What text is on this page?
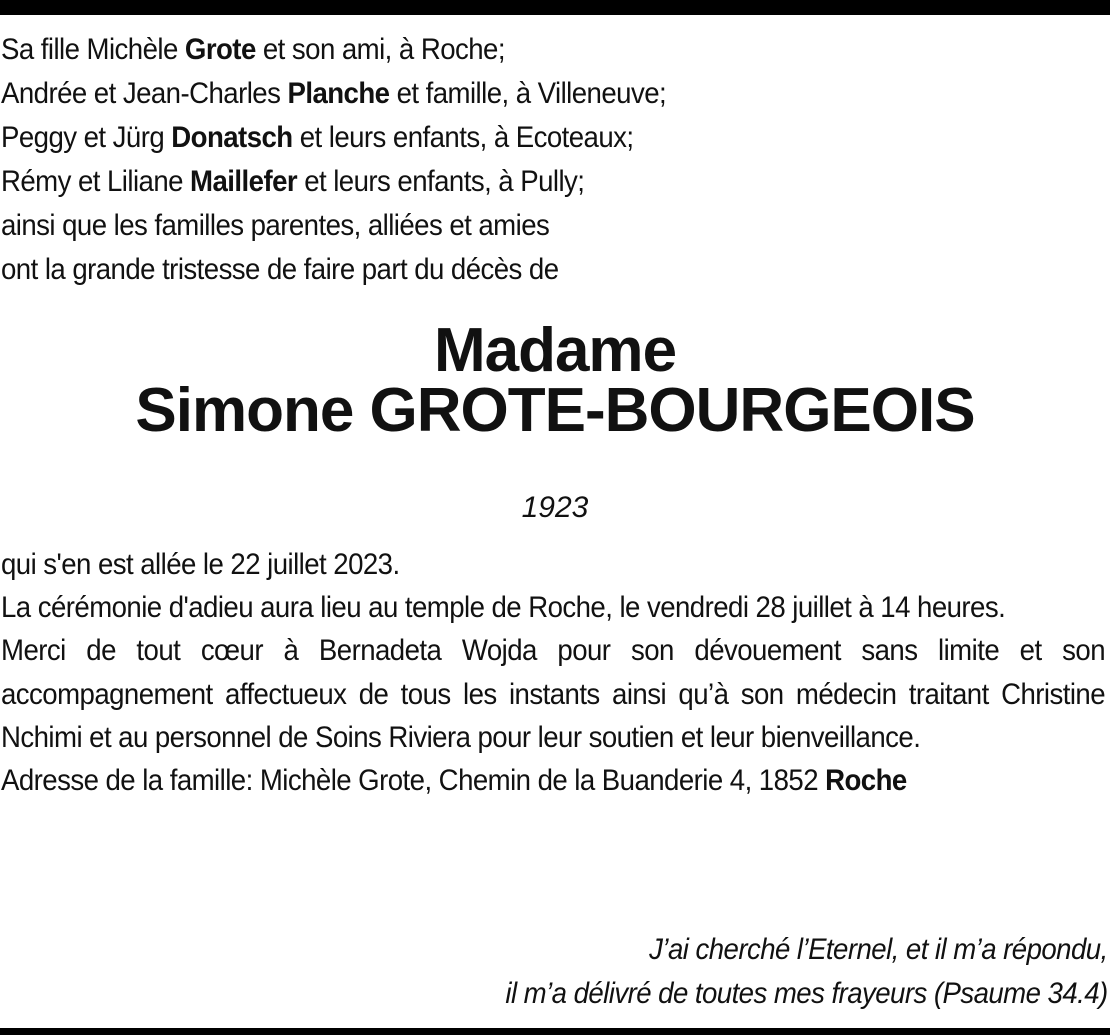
Sa fille Michèle Grote et son ami, à Roche;
Andrée et Jean-Charles Planche et famille, à Villeneuve;
Peggy et Jürg Donatsch et leurs enfants, à Ecoteaux;
Rémy et Liliane Maillefer et leurs enfants, à Pully;
ainsi que les familles parentes, alliées et amies
ont la grande tristesse de faire part du décès de
Madame
Simone GROTE-BOURGEOIS
1923

qui s'en est allée le 22 juillet 2023.

La cérémonie d'adieu aura lieu au temple de Roche, le vendredi 28 juillet à 14 heures.

Merci de tout cœur à Bernadeta Wojda pour son dévouement sans limite et son accompagnement affectueux de tous les instants ainsi qu’à son médecin traitant Christine Nchimi et au personnel de Soins Riviera pour leur soutien et leur bienveillance.

Adresse de la famille: Michèle Grote, Chemin de la Buanderie 4, 1852 Roche

J’ai cherché l’Eternel, et il m’a répondu,
il m’a délivré de toutes mes frayeurs (Psaume 34.4)
